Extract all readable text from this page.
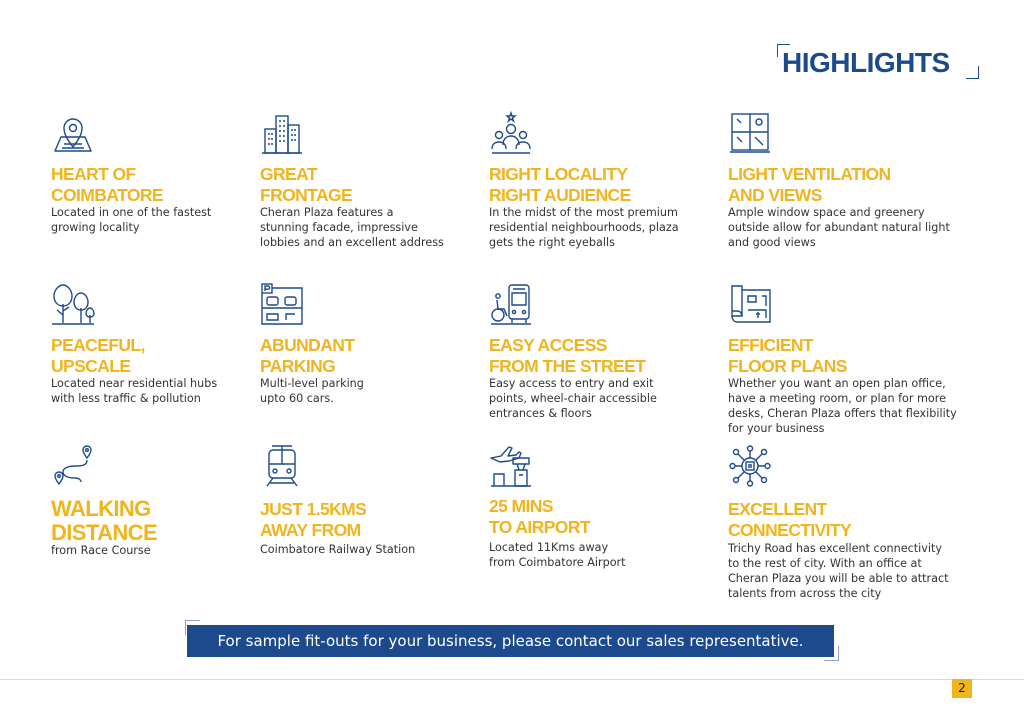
HIGHLIGHTS
HEART OF
COIMBATORE
Located in one of the fastest
growing locality
GREAT
FRONTAGE
Cheran Plaza features a
stunning facade, impressive
lobbies and an excellent address
RIGHT LOCALITY
RIGHT AUDIENCE
In the midst of the most premium
residential neighbourhoods, plaza
gets the right eyeballs
LIGHT VENTILATION
AND VIEWS
Ample window space and greenery
outside allow for abundant natural light
and good views
PEACEFUL,
UPSCALE
Located near residential hubs
with less traffic & pollution
ABUNDANT
PARKING
Multi-level parking
upto 60 cars.
EASY ACCESS
FROM THE STREET
Easy access to entry and exit
points, wheel-chair accessible
entrances & floors
EFFICIENT
FLOOR PLANS
Whether you want an open plan office,
have a meeting room, or plan for more
desks, Cheran Plaza offers that flexibility
for your business
WALKING
DISTANCE
from Race Course
JUST 1.5KMS
AWAY FROM
Coimbatore Railway Station
25 MINS
TO AIRPORT
Located 11Kms away
from Coimbatore Airport
EXCELLENT
CONNECTIVITY
Trichy Road has excellent connectivity
to the rest of city. With an office at
Cheran Plaza you will be able to attract
talents from across the city
For sample fit-outs for your business, please contact our sales representative.
2
